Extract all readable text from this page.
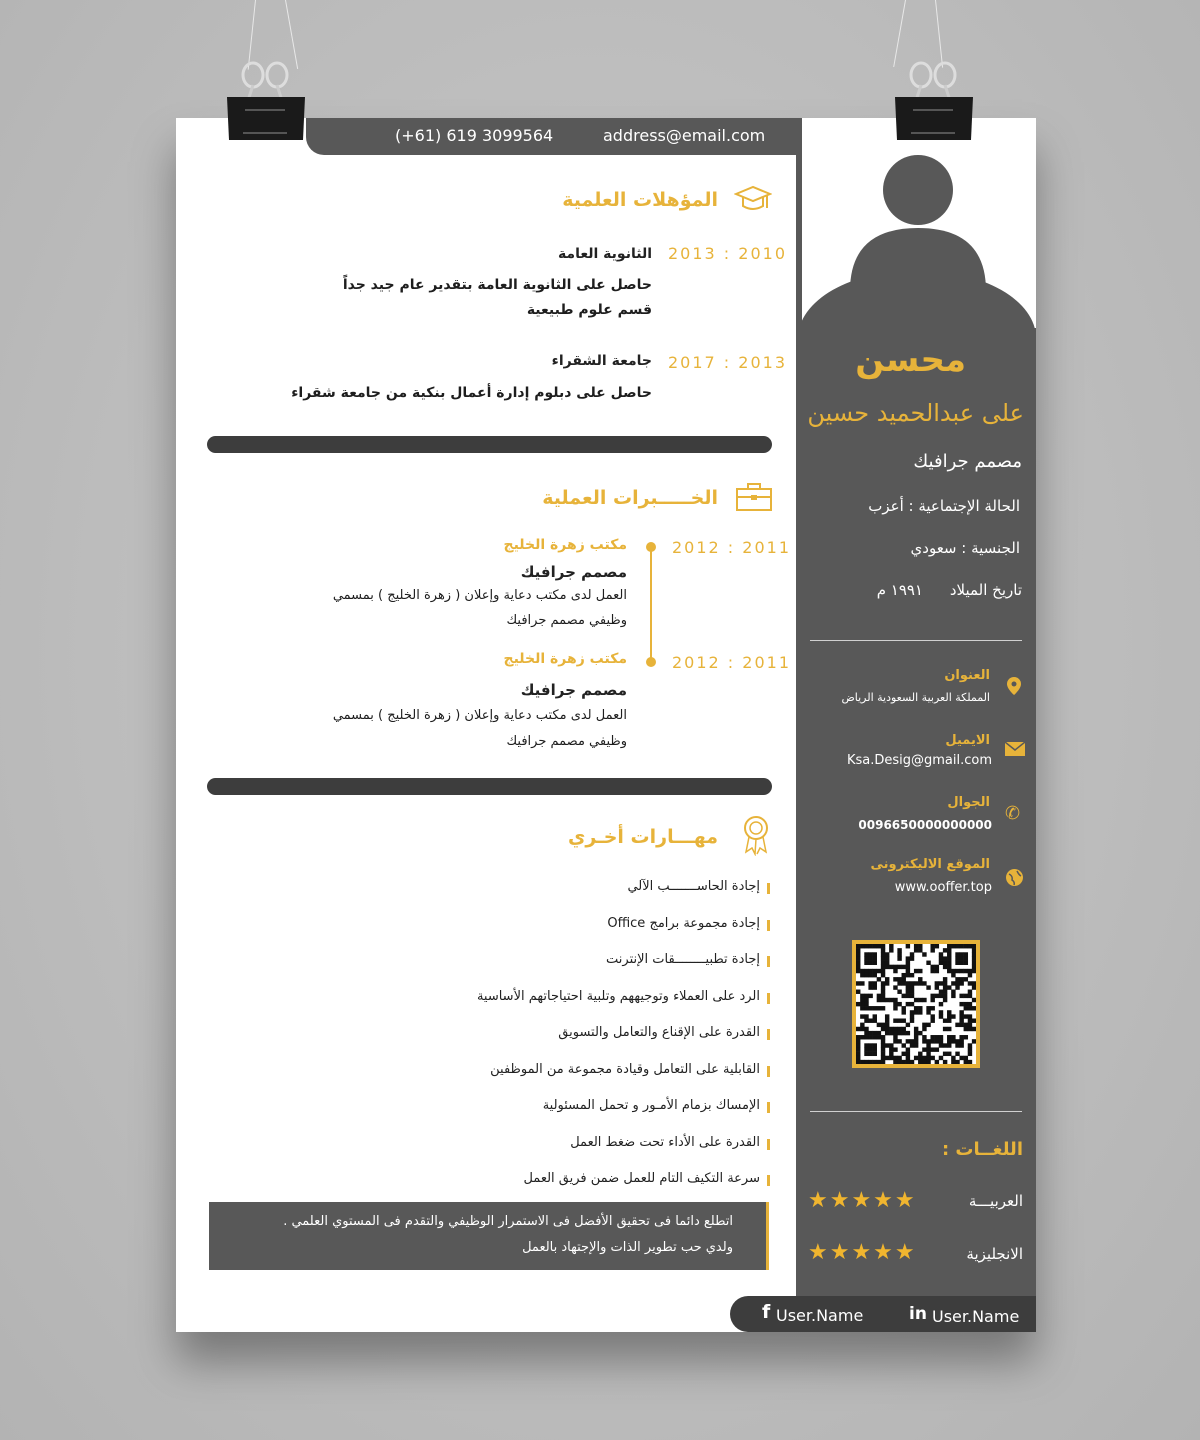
(+61) 619 3099564	address@email.com
محسن
على عبدالحميد حسين
مصمم جرافيك
الحالة الإجتماعية : أعزب
الجنسية : سعودي
تاريخ الميلاد
١٩٩١ م
العنوان
المملكة العربية السعودية الرياض
الايميل
Ksa.Desig@gmail.com
الجوال
0096650000000000
✆
الموقع الاليكترونى
www.ooffer.top
اللغــات :
العربيـــة
★★★★★
الانجليزية
★★★★★
f User.Name	in User.Name
المؤهلات العلمية
2013 : 2010
الثانوية العامة
حاصل على الثانوية العامة بتقدير عام جيد جداً
قسم علوم طبيعية
2017 : 2013
جامعة الشقراء
حاصل على دبلوم إدارة أعمال بنكية من جامعة شقراء
الخـــــبرات العملية
2012 : 2011
مكتب زهرة الخليج
مصمم جرافيك
العمل لدى مكتب دعاية وإعلان ( زهرة الخليج ) بمسمي
وظيفي مصمم جرافيك
2012 : 2011
مكتب زهرة الخليج
مصمم جرافيك
العمل لدى مكتب دعاية وإعلان ( زهرة الخليج ) بمسمي
وظيفي مصمم جرافيك
مهـــارات أخـري
إجادة الحاســـــــب الآلي
إجادة مجموعة برامج Office
إجادة تطبيــــــــقات الإنترنت
الرد على العملاء وتوجيههم وتلبية احتياجاتهم الأساسية
القدرة على الإقناع والتعامل والتسويق
القابلية على التعامل وقيادة مجموعة من الموظفين
الإمساك بزمام الأمـور و تحمل المسئولية
القدرة على الأداء تحت ضغط العمل
سرعة التكيف التام للعمل ضمن فريق العمل
اتطلع دائما فى تحقيق الأفضل فى الاستمرار الوظيفي والتقدم فى المستوي العلمي .
ولدي حب تطوير الذات والإجتهاد بالعمل
